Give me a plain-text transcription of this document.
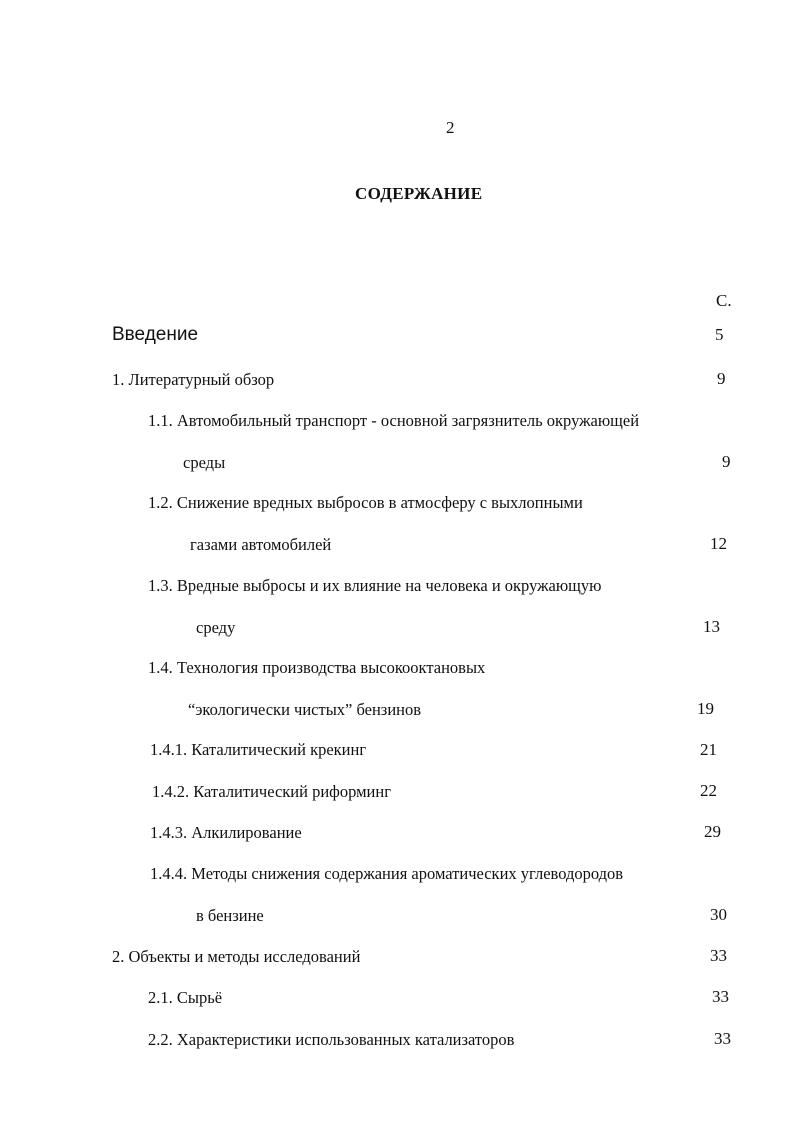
2
СОДЕРЖАНИЕ
С.
Введение	5
1. Литературный обзор	9
1.1. Автомобильный транспорт - основной загрязнитель окружающей
среды	9
1.2. Снижение вредных выбросов в атмосферу с выхлопными
газами автомобилей	12
1.3. Вредные выбросы и их влияние на человека и окружающую
среду	13
1.4. Технология производства высокооктановых
“экологически чистых” бензинов	19
1.4.1. Каталитический крекинг	21
1.4.2. Каталитический риформинг	22
1.4.3. Алкилирование	29
1.4.4. Методы снижения содержания ароматических углеводородов
в бензине	30
2. Объекты и методы исследований	33
2.1. Сырьё	33
2.2. Характеристики использованных катализаторов	33
